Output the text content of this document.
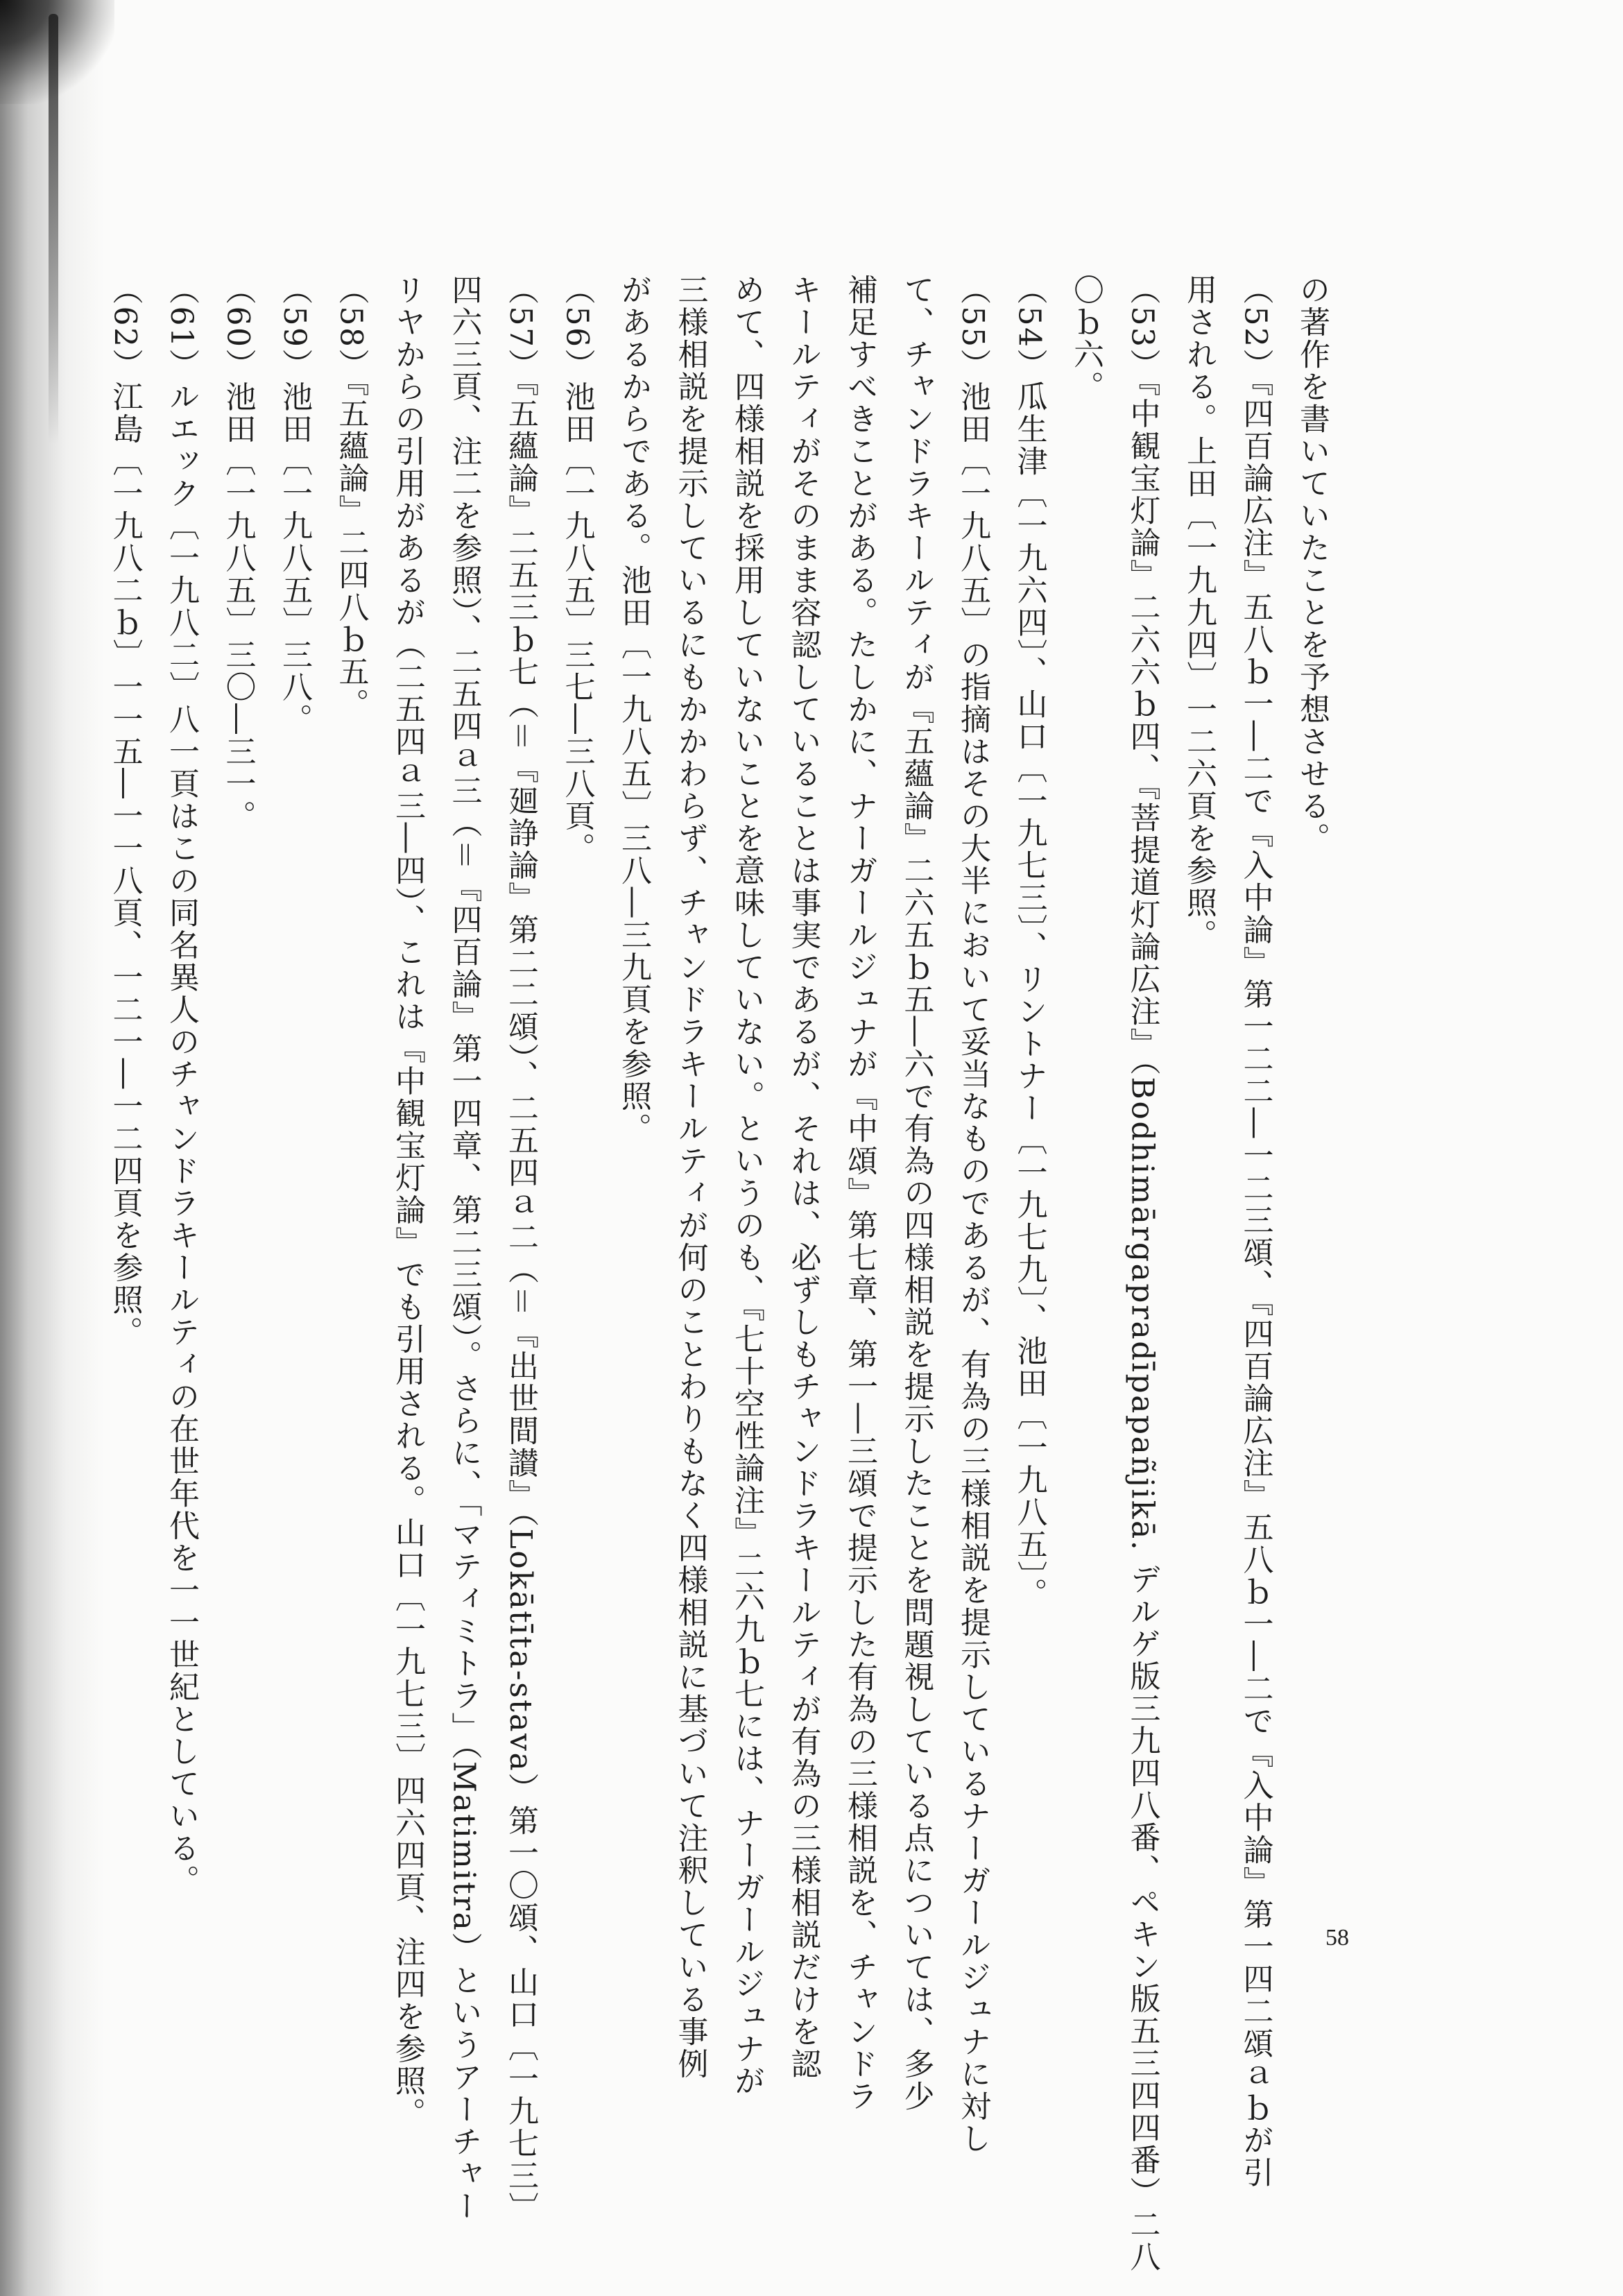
の著作を書いていたことを予想させる。
（52）『四百論広注』五八ｂ一―二で『入中論』第一二二―一二三頌、『四百論広注』五八ｂ一―二で『入中論』第一四二頌ａｂが引
用される。上田〔一九九四〕一二六頁を参照。
（53）『中観宝灯論』二六六ｂ四、『菩提道灯論広注』（Bodhimārgapradīpapañjikā. デルゲ版三九四八番、ペキン版五三四四番）二八
〇ｂ六。
（54）瓜生津〔一九六四〕、山口〔一九七三〕、リントナー〔一九七九〕、池田〔一九八五〕。
（55）池田〔一九八五〕の指摘はその大半において妥当なものであるが、有為の三様相説を提示しているナーガールジュナに対し
て、チャンドラキールティが『五蘊論』二六五ｂ五―六で有為の四様相説を提示したことを問題視している点については、多少
補足すべきことがある。たしかに、ナーガールジュナが『中頌』第七章、第一―三頌で提示した有為の三様相説を、チャンドラ
キールティがそのまま容認していることは事実であるが、それは、必ずしもチャンドラキールティが有為の三様相説だけを認
めて、四様相説を採用していないことを意味していない。というのも、『七十空性論注』二六九ｂ七には、ナーガールジュナが
三様相説を提示しているにもかかわらず、チャンドラキールティが何のことわりもなく四様相説に基づいて注釈している事例
があるからである。池田〔一九八五〕三八―三九頁を参照。
（56）池田〔一九八五〕三七―三八頁。
（57）『五蘊論』二五三ｂ七（＝『廻諍論』第二二頌）、二五四ａ二（＝『出世間讃』（Lokātīta-stava）第一〇頌、山口〔一九七三〕
四六三頁、注二を参照）、二五四ａ三（＝『四百論』第一四章、第二三頌）。さらに、「マティミトラ」（Matimitra）というアーチャー
リヤからの引用があるが（二五四ａ三―四）、これは『中観宝灯論』でも引用される。山口〔一九七三〕四六四頁、注四を参照。
（58）『五蘊論』二四八ｂ五。
（59）池田〔一九八五〕三八。
（60）池田〔一九八五〕三〇―三一。
（61）ルエック〔一九八二〕八一頁はこの同名異人のチャンドラキールティの在世年代を一一世紀としている。
（62）江島〔一九八二ｂ〕一一五―一一八頁、一二一―一二四頁を参照。
58
